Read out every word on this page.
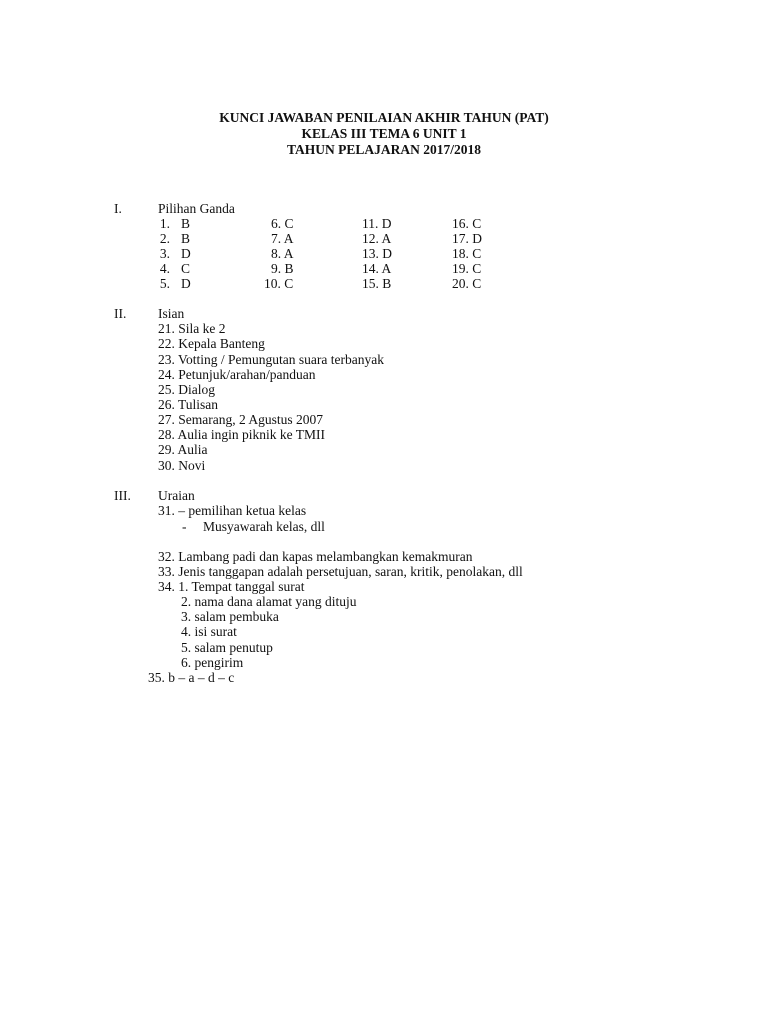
KUNCI JAWABAN PENILAIAN AKHIR TAHUN (PAT)
KELAS III TEMA 6 UNIT 1
TAHUN PELAJARAN 2017/2018
I.	Pilihan Ganda
1. B
2. B
3. D
4. C
5. D
6. C
7. A
8. A
9. B
10. C
11. D
12. A
13. D
14. A
15. B
16. C
17. D
18. C
19. C
20. C
II. Isian
21. Sila ke 2
22. Kepala Banteng
23. Votting / Pemungutan suara terbanyak
24. Petunjuk/arahan/panduan
25. Dialog
26. Tulisan
27. Semarang, 2 Agustus 2007
28. Aulia ingin piknik ke TMII
29. Aulia
30. Novi
III. Uraian
31. – pemilihan ketua kelas
- Musyawarah kelas, dll
32. Lambang padi dan kapas melambangkan kemakmuran
33. Jenis tanggapan adalah persetujuan, saran, kritik, penolakan, dll
34. 1. Tempat tanggal surat
2. nama dana alamat yang dituju
3. salam pembuka
4. isi surat
5. salam penutup
6. pengirim
35. b – a – d – c
